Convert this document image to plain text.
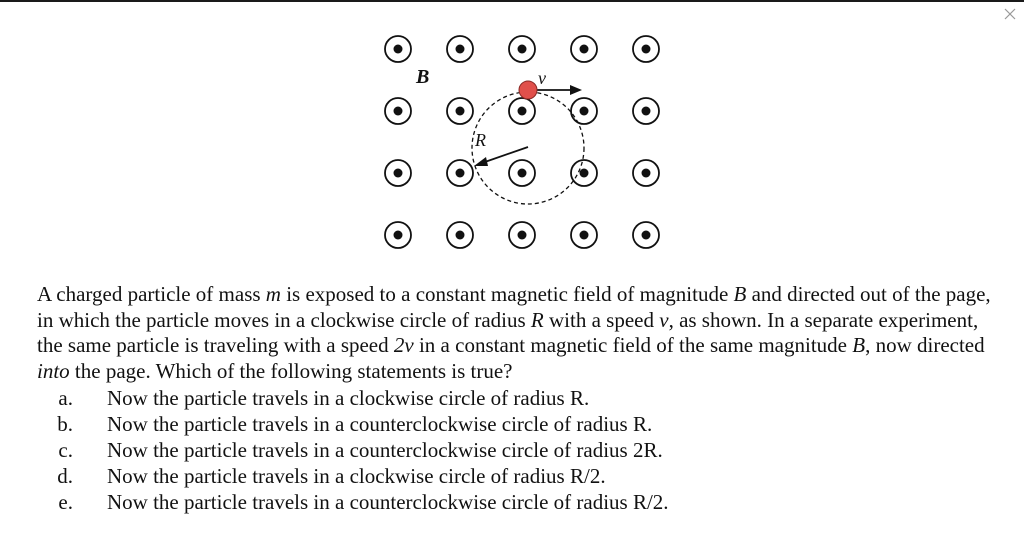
B	v
R

A charged particle of mass m is exposed to a constant magnetic field of magnitude B and directed out of the page, in which the particle moves in a clockwise circle of radius R with a speed v, as shown. In a separate experiment, the same particle is traveling with a speed 2v in a constant magnetic field of the same magnitude B, now directed into the page. Which of the following statements is true?

a.	Now the particle travels in a clockwise circle of radius R.
b.	Now the particle travels in a counterclockwise circle of radius R.
c.	Now the particle travels in a counterclockwise circle of radius 2R.
d.	Now the particle travels in a clockwise circle of radius R/2.
e.	Now the particle travels in a counterclockwise circle of radius R/2.
